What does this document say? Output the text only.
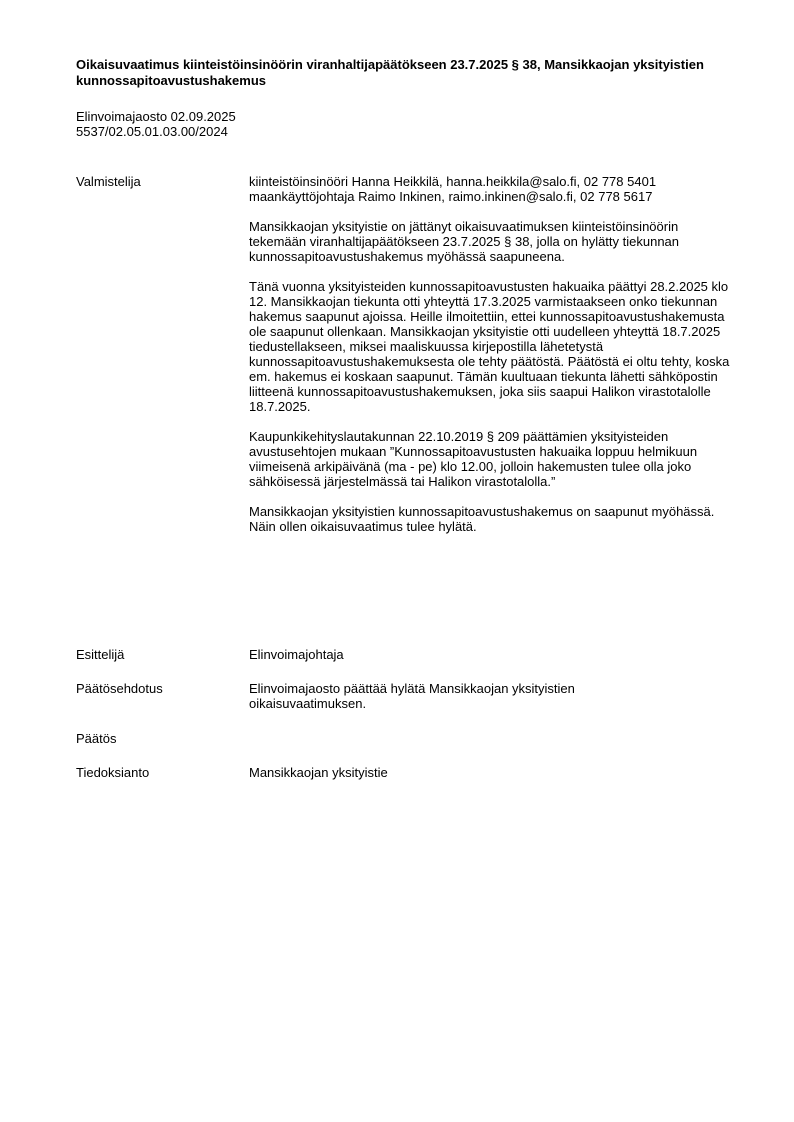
Oikaisuvaatimus kiinteistöinsinöörin viranhaltijapäätökseen 23.7.2025 § 38, Mansikkaojan yksityistien kunnossapitoavustushakemus
Elinvoimajaosto 02.09.2025
5537/02.05.01.03.00/2024
Valmistelija	kiinteistöinsinööri Hanna Heikkilä, hanna.heikkila@salo.fi, 02 778 5401
maankäyttöjohtaja Raimo Inkinen, raimo.inkinen@salo.fi, 02 778 5617

Mansikkaojan yksityistie on jättänyt oikaisuvaatimuksen kiinteistöinsinöörin tekemään viranhaltijapäätökseen 23.7.2025 § 38, jolla on hylätty tiekunnan kunnossapitoavustushakemus myöhässä saapuneena.

Tänä vuonna yksityisteiden kunnossapitoavustusten hakuaika päättyi 28.2.2025 klo 12. Mansikkaojan tiekunta otti yhteyttä 17.3.2025 varmistaakseen onko tiekunnan hakemus saapunut ajoissa. Heille ilmoitettiin, ettei kunnossapitoavustushakemusta ole saapunut ollenkaan. Mansikkaojan yksityistie otti uudelleen yhteyttä 18.7.2025 tiedustellakseen, miksei maaliskuussa kirjepostilla lähetetystä kunnossapitoavustushakemuksesta ole tehty päätöstä. Päätöstä ei oltu tehty, koska em. hakemus ei koskaan saapunut. Tämän kuultuaan tiekunta lähetti sähköpostin liitteenä kunnossapitoavustushakemuksen, joka siis saapui Halikon virastotalolle 18.7.2025.

Kaupunkikehityslautakunnan 22.10.2019 § 209 päättämien yksityisteiden avustusehtojen mukaan ”Kunnossapitoavustusten hakuaika loppuu helmikuun viimeisenä arkipäivänä (ma - pe) klo 12.00, jolloin hakemusten tulee olla joko sähköisessä järjestelmässä tai Halikon virastotalolla.”

Mansikkaojan yksityistien kunnossapitoavustushakemus on saapunut myöhässä. Näin ollen oikaisuvaatimus tulee hylätä.

Esittelijä	Elinvoimajohtaja
Päätösehdotus	Elinvoimajaosto päättää hylätä Mansikkaojan yksityistien oikaisuvaatimuksen.
Päätös
Tiedoksianto	Mansikkaojan yksityistie
